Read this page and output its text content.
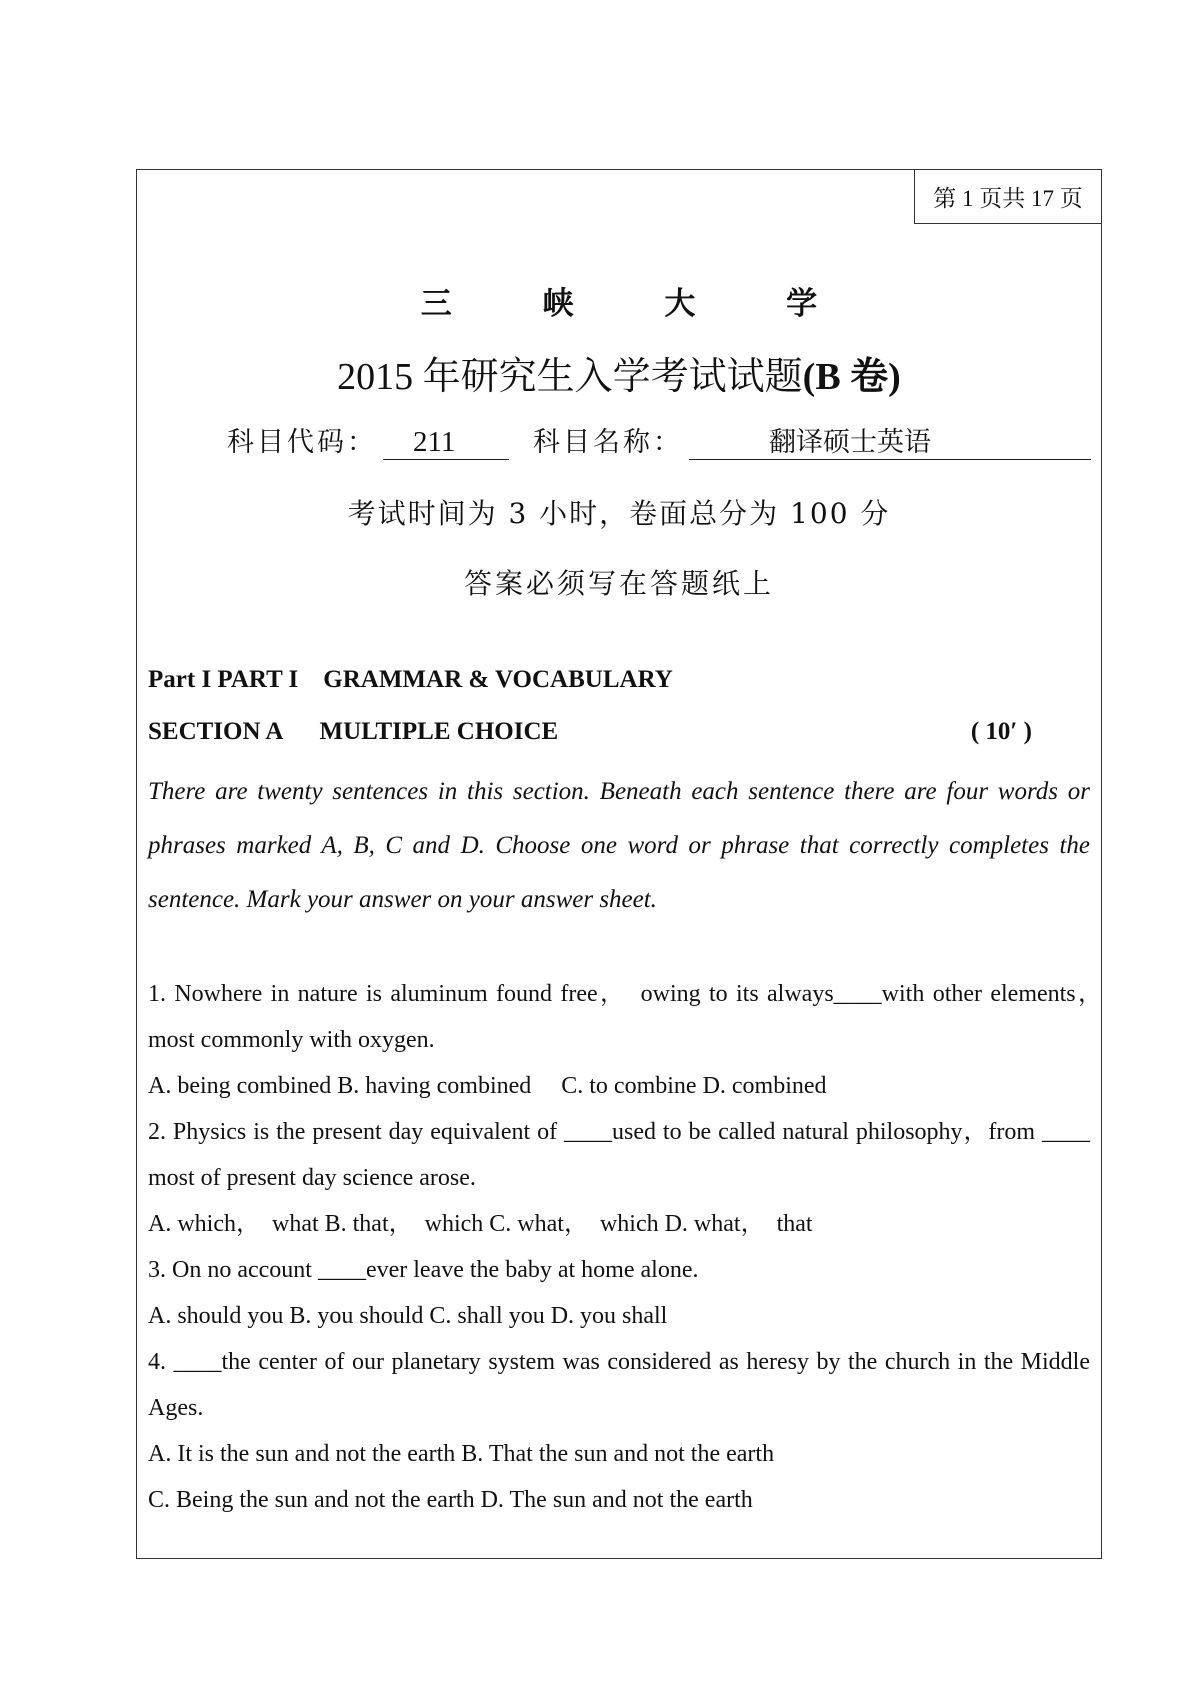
第 1 页共 17 页
三 峡 大 学
2015 年研究生入学考试试题(B 卷)
科目代码：	211	科目名称：	翻译硕士英语
考试时间为 3 小时，卷面总分为 100 分
答案必须写在答题纸上
Part I PART I    GRAMMAR & VOCABULARY
SECTION A MULTIPLE CHOICE	( 10′ )
There are twenty sentences in this section. Beneath each sentence there are four words or phrases marked A, B, C and D. Choose one word or phrase that correctly completes the sentence. Mark your answer on your answer sheet.
1. Nowhere in nature is aluminum found free，　owing to its always____with other elements，　most commonly with oxygen.
A. being combined B. having combined　 C. to combine D. combined
2. Physics is the present day equivalent of ____used to be called natural philosophy，from ____ most of present day science arose.
A. which，　what B. that，　which C. what，　which D. what，　that
3. On no account ____ever leave the baby at home alone.
A. should you B. you should C. shall you D. you shall
4. ____the center of our planetary system was considered as heresy by the church in the Middle Ages.
A. It is the sun and not the earth B. That the sun and not the earth
C. Being the sun and not the earth D. The sun and not the earth
